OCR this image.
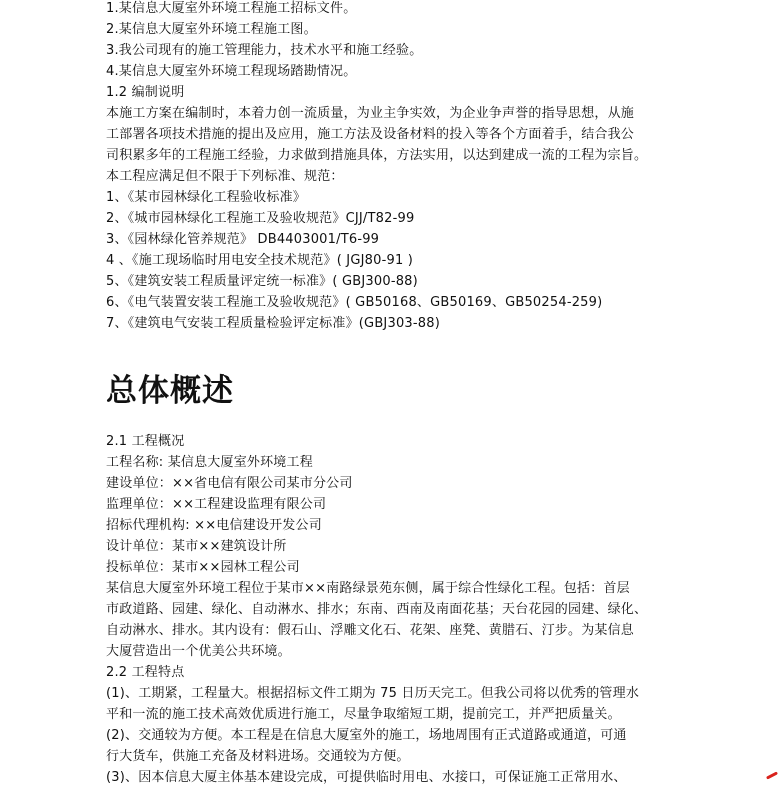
1.某信息大厦室外环境工程施工招标文件。
2.某信息大厦室外环境工程施工图。
3.我公司现有的施工管理能力，技术水平和施工经验。
4.某信息大厦室外环境工程现场踏勘情况。
1.2 编制说明
本施工方案在编制时，本着力创一流质量，为业主争实效，为企业争声誉的指导思想，从施
工部署各项技术措施的提出及应用，施工方法及设备材料的投入等各个方面着手，结合我公
司积累多年的工程施工经验，力求做到措施具体，方法实用，以达到建成一流的工程为宗旨。
本工程应满足但不限于下列标准、规范：
1、《某市园林绿化工程验收标准》
2、《城市园林绿化工程施工及验收规范》CJJ/T82-99
3、《园林绿化管养规范》 DB4403001/T6-99
4 、《施工现场临时用电安全技术规范》( JGJ80-91 )
5、《建筑安装工程质量评定统一标准》( GBJ300-88)
6、《电气装置安装工程施工及验收规范》( GB50168、GB50169、GB50254-259)
7、《建筑电气安装工程质量检验评定标准》(GBJ303-88)
总体概述
2.1 工程概况
工程名称: 某信息大厦室外环境工程
建设单位：××省电信有限公司某市分公司
监理单位：××工程建设监理有限公司
招标代理机构: ××电信建设开发公司
设计单位：某市××建筑设计所
投标单位：某市××园林工程公司
某信息大厦室外环境工程位于某市××南路绿景苑东侧，属于综合性绿化工程。包括：首层
市政道路、园建、绿化、自动淋水、排水；东南、西南及南面花基；天台花园的园建、绿化、
自动淋水、排水。其内设有：假石山、浮雕文化石、花架、座凳、黄腊石、汀步。为某信息
大厦营造出一个优美公共环境。
2.2 工程特点
(1)、工期紧，工程量大。根据招标文件工期为 75 日历天完工。但我公司将以优秀的管理水
平和一流的施工技术高效优质进行施工，尽量争取缩短工期，提前完工，并严把质量关。
(2)、交通较为方便。本工程是在信息大厦室外的施工，场地周围有正式道路或通道，可通
行大货车，供施工充备及材料进场。交通较为方便。
(3)、因本信息大厦主体基本建设完成，可提供临时用电、水接口，可保证施工正常用水、
